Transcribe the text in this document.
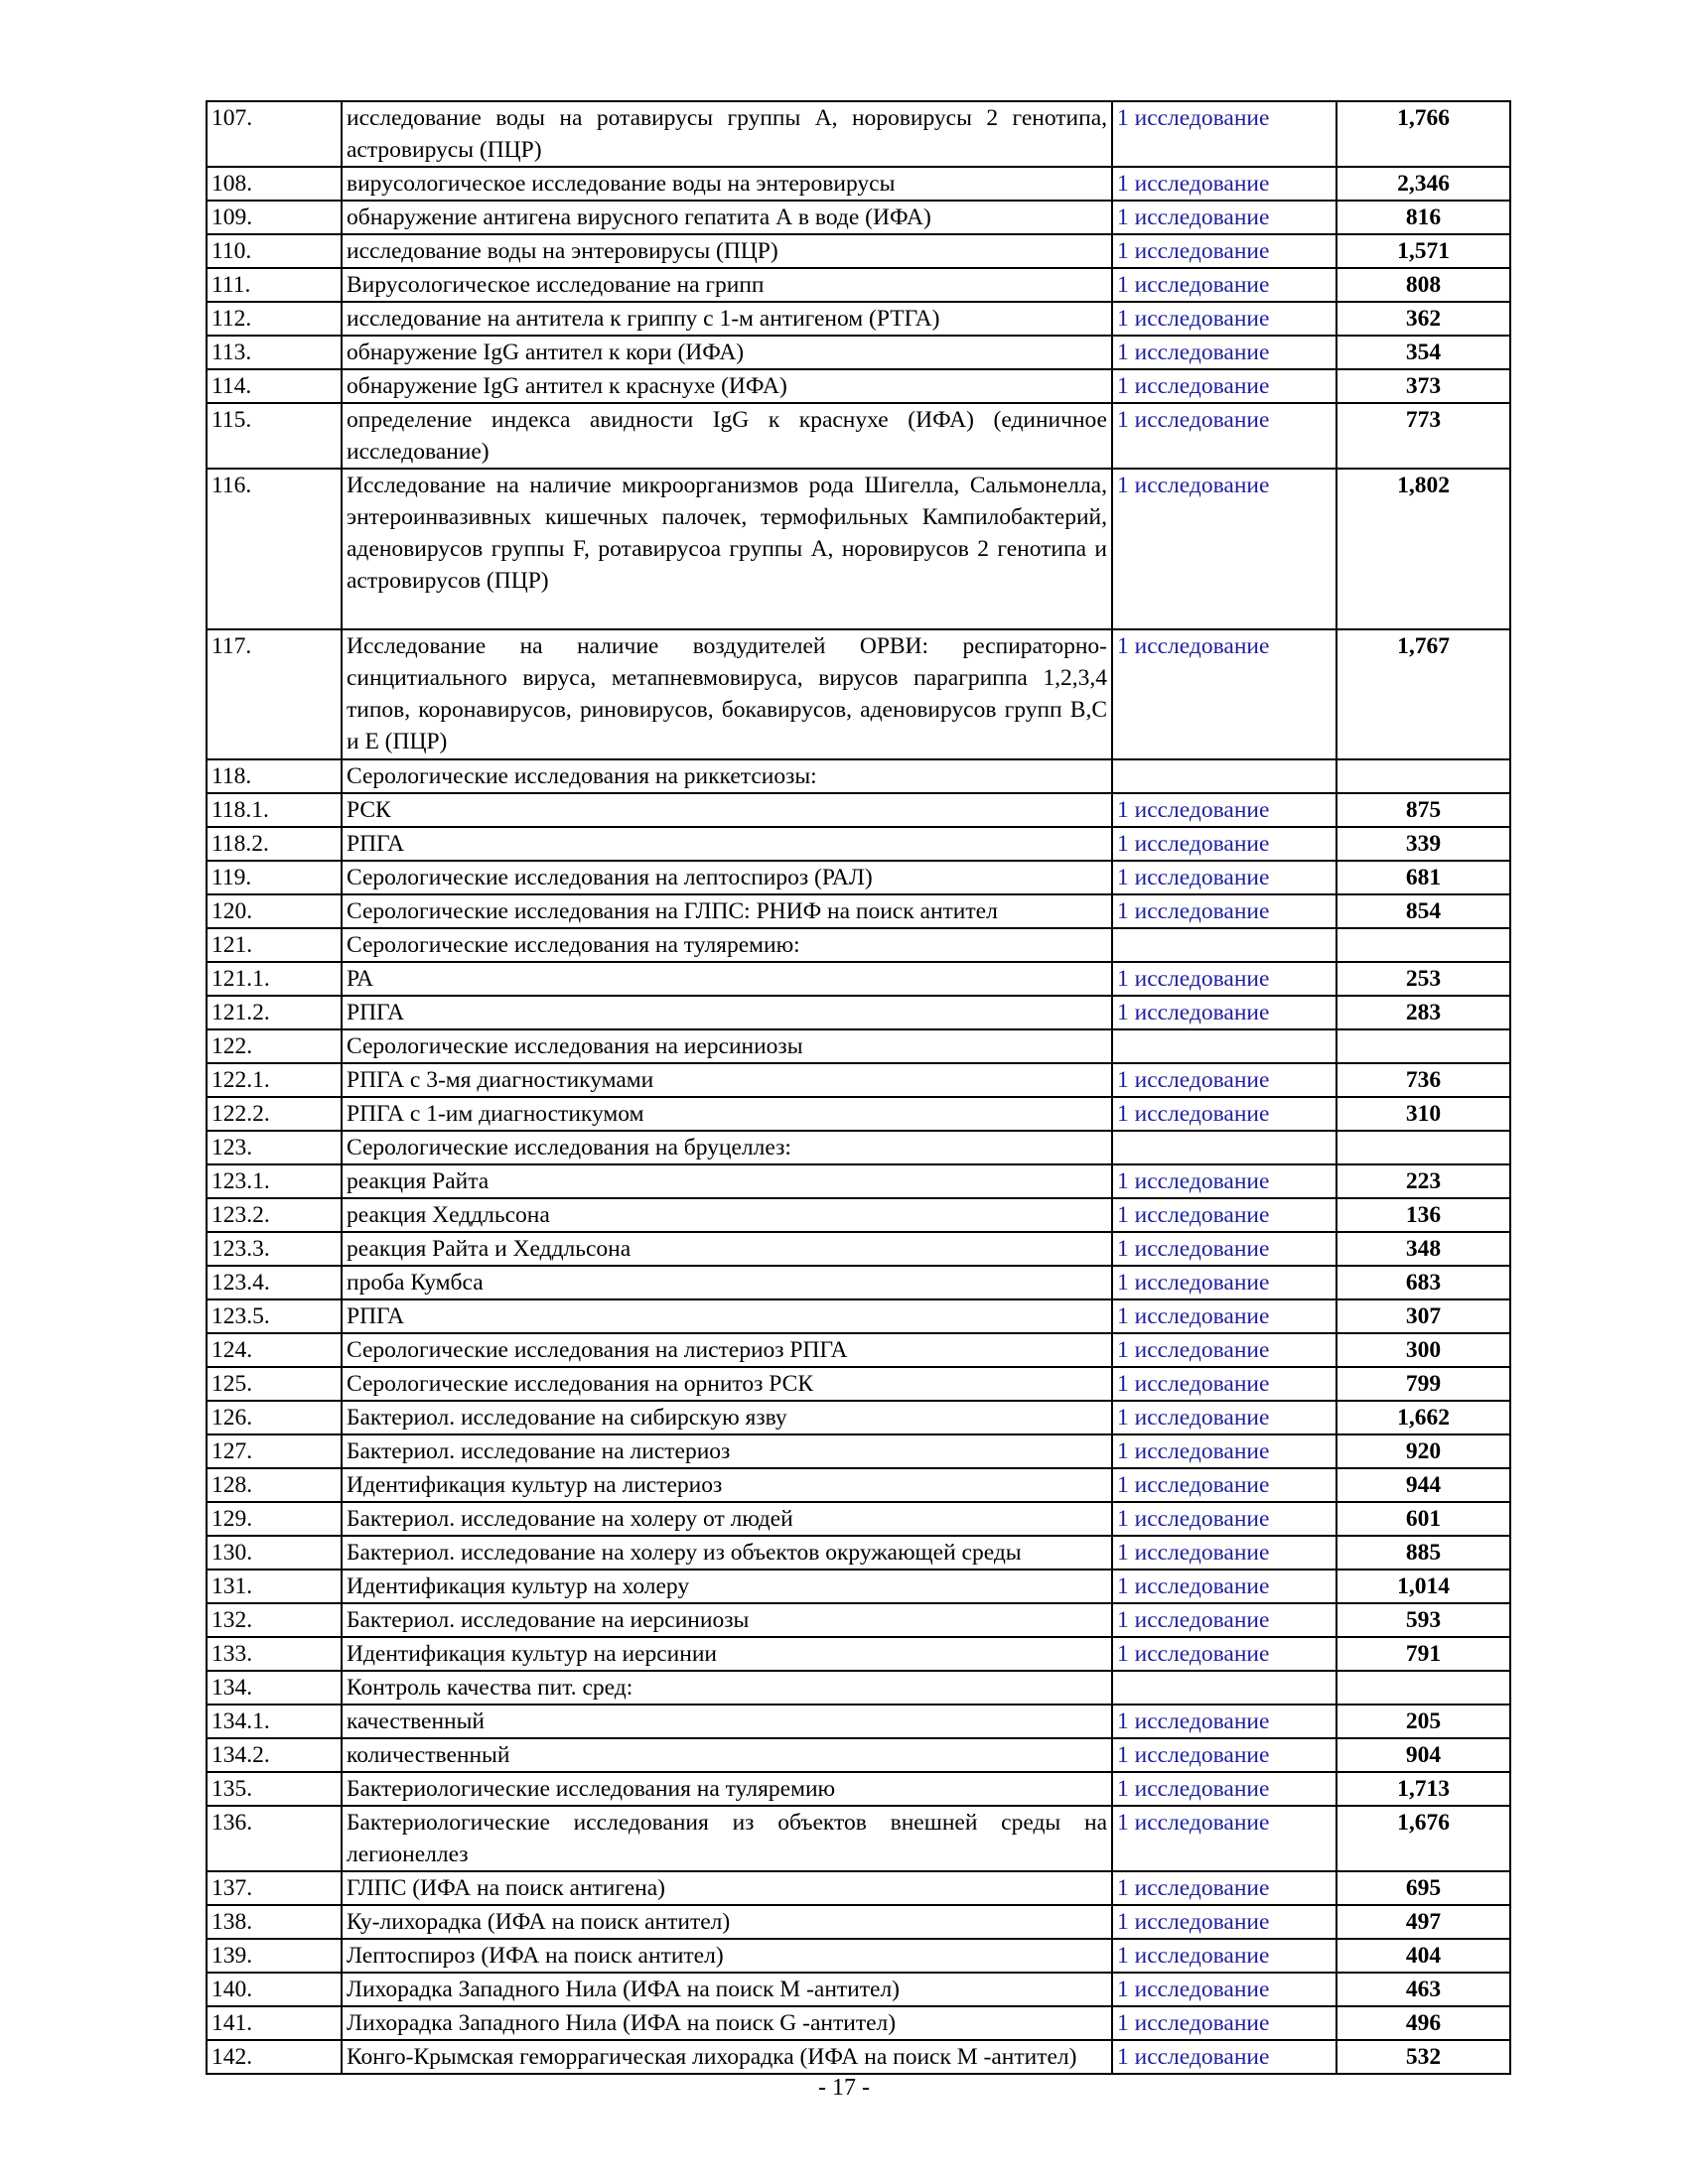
107.	исследование воды на ротавирусы группы А, норовирусы 2 генотипа, астровирусы (ПЦР)	1 исследование	1,766
108.	вирусологическое исследование воды на энтеровирусы	1 исследование	2,346
109.	обнаружение антигена вирусного гепатита А в воде (ИФА)	1 исследование	816
110.	исследование воды на энтеровирусы (ПЦР)	1 исследование	1,571
111.	Вирусологическое исследование на грипп	1 исследование	808
112.	исследование на антитела к гриппу с 1-м антигеном (РТГА)	1 исследование	362
113.	обнаружение IgG антител к кори (ИФА)	1 исследование	354
114.	обнаружение IgG антител к краснухе (ИФА)	1 исследование	373
115.	определение индекса авидности IgG к краснухе (ИФА) (единичное исследование)	1 исследование	773
116.	Исследование на наличие микроорганизмов рода Шигелла, Сальмонелла, энтероинвазивных кишечных палочек, термофильных Кампилобактерий, аденовирусов группы F, ротавирусоа группы А, норовирусов 2 генотипа и астровирусов (ПЦР)	1 исследование	1,802
117.	Исследование на наличие воздудителей ОРВИ: респираторно-синцитиального вируса, метапневмовируса, вирусов парагриппа 1,2,3,4 типов, коронавирусов, риновирусов, бокавирусов, аденовирусов групп В,С и Е (ПЦР)	1 исследование	1,767
118.	Серологические исследования на риккетсиозы:		
118.1.	РСК	1 исследование	875
118.2.	РПГА	1 исследование	339
119.	Серологические исследования на лептоспироз (РАЛ)	1 исследование	681
120.	Серологические исследования на ГЛПС: РНИФ на поиск антител	1 исследование	854
121.	Серологические исследования на туляремию:		
121.1.	РА	1 исследование	253
121.2.	РПГА	1 исследование	283
122.	Серологические исследования на иерсиниозы		
122.1.	РПГА с 3-мя диагностикумами	1 исследование	736
122.2.	РПГА с 1-им диагностикумом	1 исследование	310
123.	Серологические исследования на бруцеллез:		
123.1.	реакция Райта	1 исследование	223
123.2.	реакция Хеддльсона	1 исследование	136
123.3.	реакция Райта и Хеддльсона	1 исследование	348
123.4.	проба Кумбса	1 исследование	683
123.5.	РПГА	1 исследование	307
124.	Серологические исследования на листериоз РПГА	1 исследование	300
125.	Серологические исследования на орнитоз РСК	1 исследование	799
126.	Бактериол. исследование на сибирскую язву	1 исследование	1,662
127.	Бактериол. исследование на листериоз	1 исследование	920
128.	Идентификация культур на листериоз	1 исследование	944
129.	Бактериол. исследование на холеру от людей	1 исследование	601
130.	Бактериол. исследование на холеру из объектов окружающей среды	1 исследование	885
131.	Идентификация культур на холеру	1 исследование	1,014
132.	Бактериол. исследование на иерсиниозы	1 исследование	593
133.	Идентификация культур на иерсинии	1 исследование	791
134.	Контроль качества пит. сред:		
134.1.	качественный	1 исследование	205
134.2.	количественный	1 исследование	904
135.	Бактериологические исследования на туляремию	1 исследование	1,713
136.	Бактериологические исследования из объектов внешней среды на легионеллез	1 исследование	1,676
137.	ГЛПС (ИФА на поиск антигена)	1 исследование	695
138.	Ку-лихорадка (ИФА на поиск антител)	1 исследование	497
139.	Лептоспироз (ИФА на поиск антител)	1 исследование	404
140.	Лихорадка Западного Нила (ИФА на поиск М -антител)	1 исследование	463
141.	Лихорадка Западного Нила (ИФА на поиск G -антител)	1 исследование	496
142.	Конго-Крымская геморрагическая лихорадка (ИФА на поиск М -антител)	1 исследование	532
- 17 -
